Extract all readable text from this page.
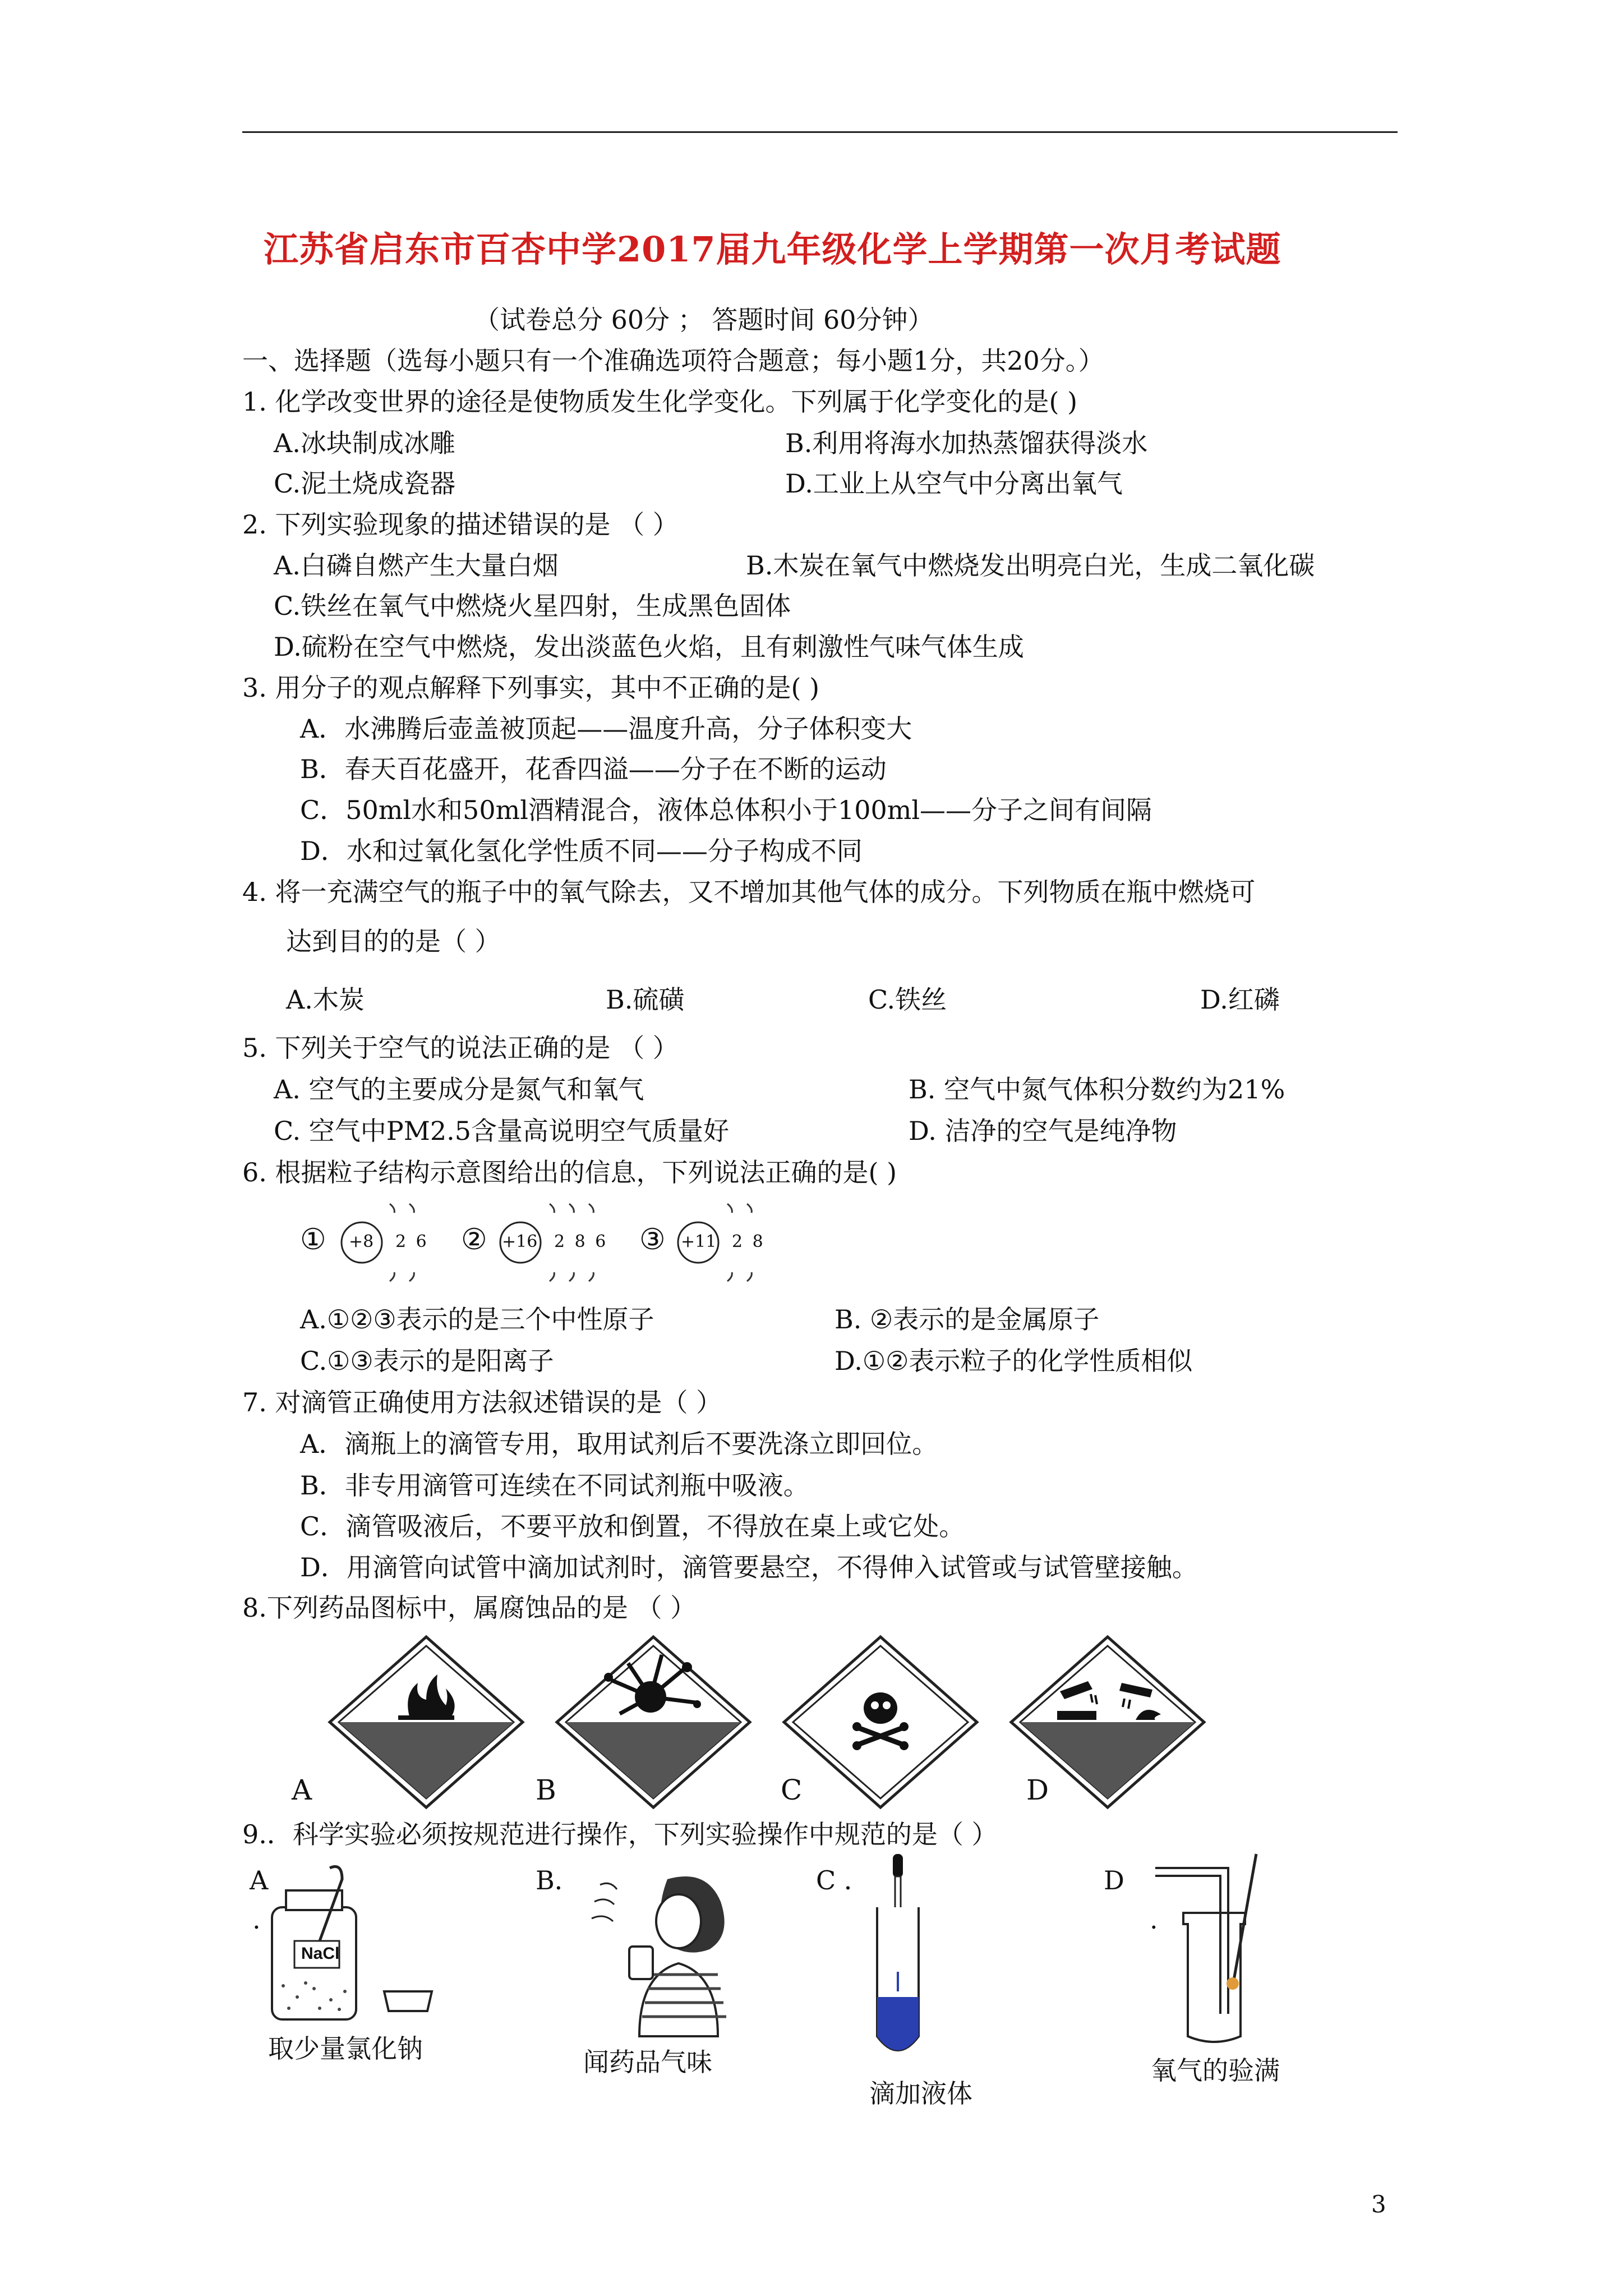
江苏省启东市百杏中学2017届九年级化学上学期第一次月考试题
（试卷总分 60分 ； 答题时间 60分钟）
一、选择题（选每小题只有一个准确选项符合题意；每小题1分，共20分。）
1. 化学改变世界的途径是使物质发生化学变化。下列属于化学变化的是( )
A.冰块制成冰雕	B.利用将海水加热蒸馏获得淡水
C.泥土烧成瓷器	D.工业上从空气中分离出氧气
2. 下列实验现象的描述错误的是 （ ）
A.白磷自燃产生大量白烟	B.木炭在氧气中燃烧发出明亮白光，生成二氧化碳
C.铁丝在氧气中燃烧火星四射，生成黑色固体
D.硫粉在空气中燃烧，发出淡蓝色火焰，且有刺激性气味气体生成
3. 用分子的观点解释下列事实，其中不正确的是( )
A．水沸腾后壶盖被顶起——温度升高，分子体积变大
B．春天百花盛开，花香四溢——分子在不断的运动
C．50ml水和50ml酒精混合，液体总体积小于100ml——分子之间有间隔
D．水和过氧化氢化学性质不同——分子构成不同
4. 将一充满空气的瓶子中的氧气除去，又不增加其他气体的成分。下列物质在瓶中燃烧可
达到目的的是（ ）
A.木炭	B.硫磺	C.铁丝	D.红磷
5. 下列关于空气的说法正确的是 （ ）
A. 空气的主要成分是氮气和氧气	B. 空气中氮气体积分数约为21%
C. 空气中PM2.5含量高说明空气质量好	D. 洁净的空气是纯净物
6. 根据粒子结构示意图给出的信息，下列说法正确的是( )
① +8 2 6 ② +16 2 8 6 ③ +11 2 8
A.①②③表示的是三个中性原子	B. ②表示的是金属原子
C.①③表示的是阳离子	D.①②表示粒子的化学性质相似
7. 对滴管正确使用方法叙述错误的是（ ）
A．滴瓶上的滴管专用，取用试剂后不要洗涤立即回位。
B．非专用滴管可连续在不同试剂瓶中吸液。
C．滴管吸液后，不要平放和倒置，不得放在桌上或它处。
D．用滴管向试管中滴加试剂时，滴管要悬空，不得伸入试管或与试管壁接触。
8.下列药品图标中，属腐蚀品的是 （ ）
A	B	C	D
9.．科学实验必须按规范进行操作，下列实验操作中规范的是（ ）
A
.
B．	C ．	D
.
NaCl
取少量氯化钠	闻药品气味
滴加液体
氧气的验满
3
